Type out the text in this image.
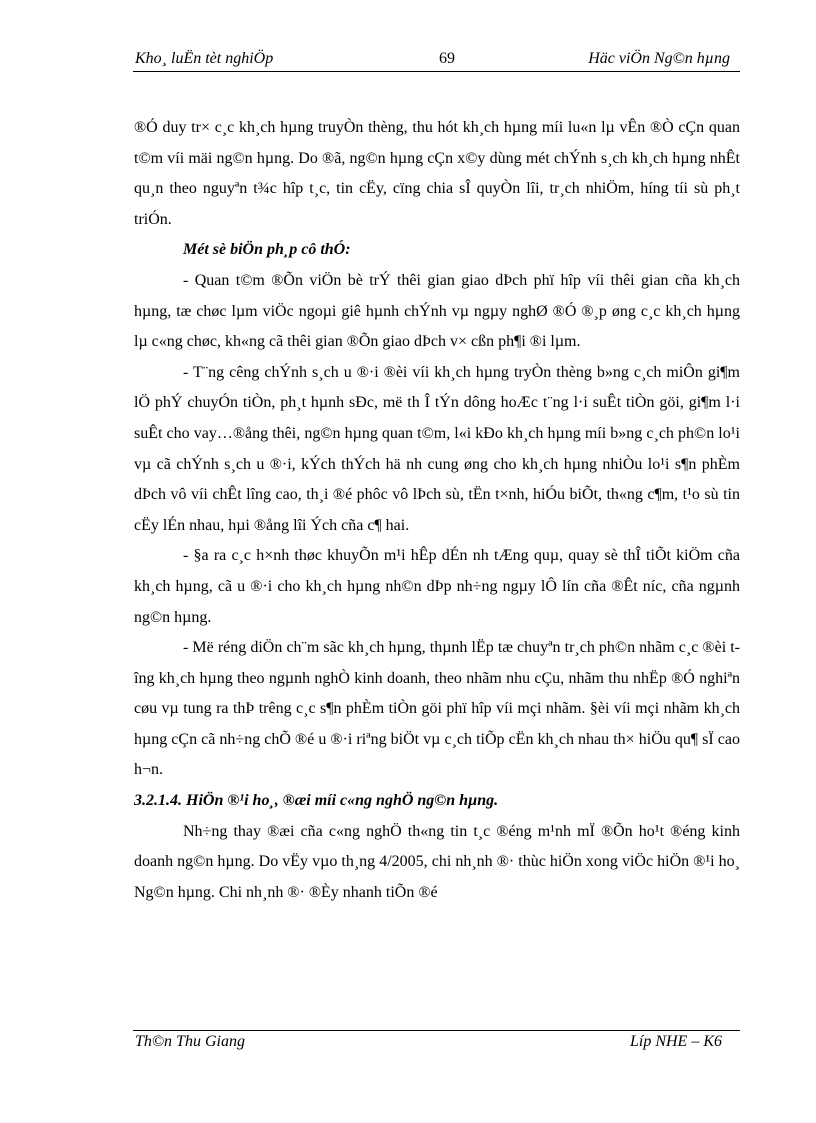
Kho¸ luËn tèt nghiÖp	69	Häc viÖn Ng©n hµng

®Ó duy tr× c¸c kh¸ch hµng truyÒn thèng, thu hót kh¸ch hµng míi lu«n lµ vÊn ®Ò cÇn quan t©m víi mäi ng©n hµng. Do ®ã, ng©n hµng cÇn x©y dùng mét chÝnh s¸ch kh¸ch hµng nhÊt qu¸n theo nguyªn t¾c hîp t¸c, tin cËy, cïng chia sÎ quyÒn lîi, tr¸ch nhiÖm, híng tíi sù ph¸t triÓn.

Mét sè biÖn ph¸p cô thÓ:

- Quan t©m ®Õn viÖn bè trÝ thêi gian giao dÞch phï hîp víi thêi gian cña kh¸ch hµng, tæ chøc lµm viÖc ngoµi giê hµnh chÝnh vµ ngµy nghØ ®Ó ®¸p øng c¸c kh¸ch hµng lµ c«ng chøc, kh«ng cã thêi gian ®Õn giao dÞch v× cßn ph¶i ®i lµm.

- T¨ng cêng chÝnh s¸ch u ®·i ®èi víi kh¸ch hµng tryÒn thèng b»ng c¸ch miÔn gi¶m lÖ phÝ chuyÓn tiÒn, ph¸t hµnh sÐc, më th Î tÝn dông hoÆc t¨ng l·i suÊt tiÒn göi, gi¶m l·i suÊt cho vay…®ång thêi, ng©n hµng quan t©m, l«i kÐo kh¸ch hµng míi b»ng c¸ch ph©n lo¹i vµ cã chÝnh s¸ch u ®·i, kÝch thÝch hä nh cung øng cho kh¸ch hµng nhiÒu lo¹i s¶n phÈm dÞch vô víi chÊt lîng cao, th¸i ®é phôc vô lÞch sù, tËn t×nh, hiÓu biÕt, th«ng c¶m, t¹o sù tin cËy lÉn nhau, hµi ®ång lîi Ých cña c¶ hai.

- §a ra c¸c h×nh thøc khuyÕn m¹i hÊp dÉn nh tÆng quµ, quay sè thÎ tiÕt kiÖm cña kh¸ch hµng, cã u ®·i cho kh¸ch hµng nh©n dÞp nh÷ng ngµy lÔ lín cña ®Êt níc, cña ngµnh ng©n hµng.

- Më réng diÖn ch¨m sãc kh¸ch hµng, thµnh lËp tæ chuyªn tr¸ch ph©n nhãm c¸c ®èi tîng kh¸ch hµng theo ngµnh nghÒ kinh doanh, theo nhãm nhu cÇu, nhãm thu nhËp ®Ó nghiªn cøu vµ tung ra thÞ trêng c¸c s¶n phÈm tiÒn göi phï hîp víi mçi nhãm. §èi víi mçi nhãm kh¸ch hµng cÇn cã nh÷ng chÕ ®é u ®·i riªng biÖt vµ c¸ch tiÕp cËn kh¸ch nhau th× hiÖu qu¶ sÏ cao h¬n.

3.2.1.4. HiÖn ®¹i ho¸, ®æi míi c«ng nghÖ ng©n hµng.

Nh÷ng thay ®æi cña c«ng nghÖ th«ng tin t¸c ®éng m¹nh mÏ ®Õn ho¹t ®éng kinh doanh ng©n hµng. Do vËy vµo th¸ng 4/2005, chi nh¸nh ®· thùc hiÖn xong viÖc hiÖn ®¹i ho¸ Ng©n hµng. Chi nh¸nh ®· ®Èy nhanh tiÕn ®é

Th©n Thu Giang	Líp NHE – K6
